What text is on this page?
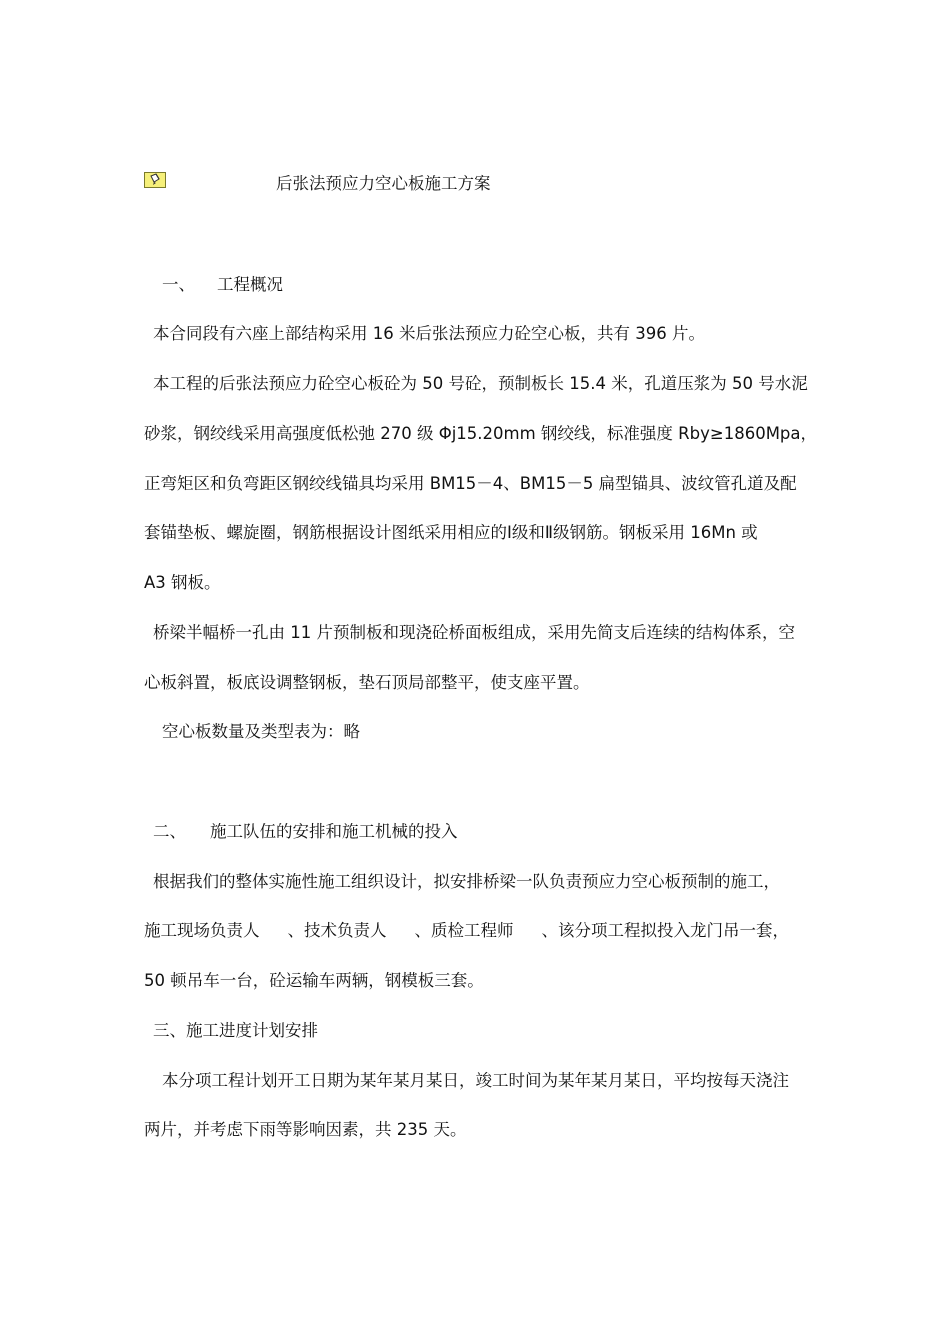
后张法预应力空心板施工方案
一、 工程概况
本合同段有六座上部结构采用 16 米后张法预应力砼空心板，共有 396 片。
本工程的后张法预应力砼空心板砼为 50 号砼，预制板长 15.4 米，孔道压浆为 50 号水泥
砂浆，钢绞线采用高强度低松弛 270 级 Φj15.20mm 钢绞线，标准强度 Rby≥1860Mpa，
正弯矩区和负弯距区钢绞线锚具均采用 BM15－4、BM15－5 扁型锚具、波纹管孔道及配
套锚垫板、螺旋圈，钢筋根据设计图纸采用相应的Ⅰ级和Ⅱ级钢筋。钢板采用 16Mn 或
A3 钢板。
桥梁半幅桥一孔由 11 片预制板和现浇砼桥面板组成，采用先简支后连续的结构体系，空
心板斜置，板底设调整钢板，垫石顶局部整平，使支座平置。
空心板数量及类型表为：略
二、 施工队伍的安排和施工机械的投入
根据我们的整体实施性施工组织设计，拟安排桥梁一队负责预应力空心板预制的施工，
施工现场负责人 、技术负责人 、质检工程师 、该分项工程拟投入龙门吊一套，
50 顿吊车一台，砼运输车两辆，钢模板三套。
三、施工进度计划安排
本分项工程计划开工日期为某年某月某日，竣工时间为某年某月某日，平均按每天浇注
两片，并考虑下雨等影响因素，共 235 天。
